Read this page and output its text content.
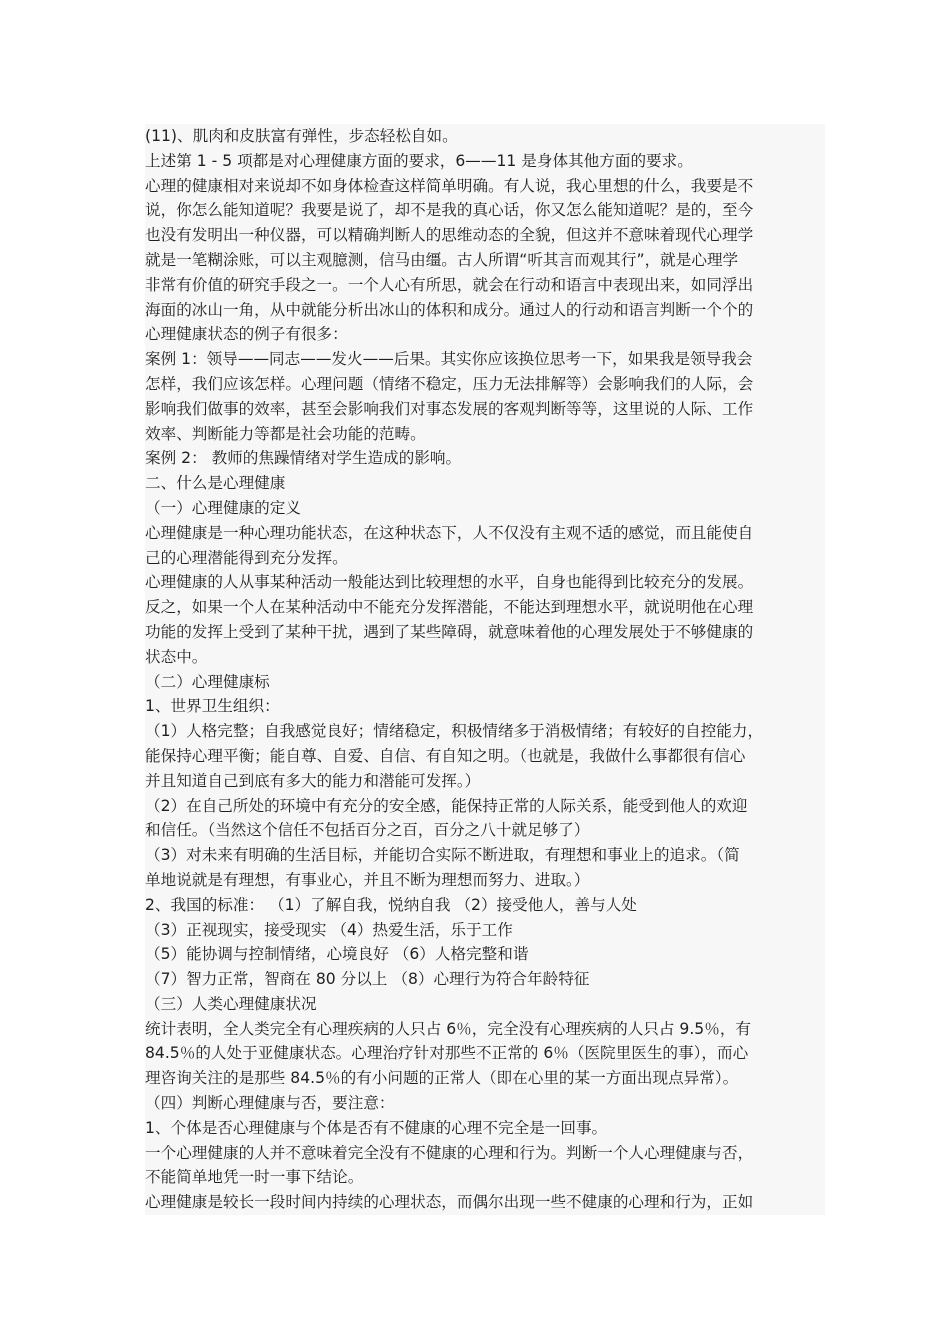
(11)、肌肉和皮肤富有弹性，步态轻松自如。
上述第 1 - 5 项都是对心理健康方面的要求，6——11 是身体其他方面的要求。
心理的健康相对来说却不如身体检查这样简单明确。有人说，我心里想的什么，我要是不
说，你怎么能知道呢？我要是说了，却不是我的真心话，你又怎么能知道呢？是的，至今
也没有发明出一种仪器，可以精确判断人的思维动态的全貌，但这并不意味着现代心理学
就是一笔糊涂账，可以主观臆测，信马由缰。古人所谓“听其言而观其行”，就是心理学
非常有价值的研究手段之一。一个人心有所思，就会在行动和语言中表现出来，如同浮出
海面的冰山一角，从中就能分析出冰山的体积和成分。通过人的行动和语言判断一个个的
心理健康状态的例子有很多：
案例 1：领导——同志——发火——后果。其实你应该换位思考一下，如果我是领导我会
怎样，我们应该怎样。心理问题（情绪不稳定，压力无法排解等）会影响我们的人际，会
影响我们做事的效率，甚至会影响我们对事态发展的客观判断等等，这里说的人际、工作
效率、判断能力等都是社会功能的范畴。
案例 2： 教师的焦躁情绪对学生造成的影响。
二、什么是心理健康
（一）心理健康的定义
心理健康是一种心理功能状态，在这种状态下，人不仅没有主观不适的感觉，而且能使自
己的心理潜能得到充分发挥。
心理健康的人从事某种活动一般能达到比较理想的水平，自身也能得到比较充分的发展。
反之，如果一个人在某种活动中不能充分发挥潜能，不能达到理想水平，就说明他在心理
功能的发挥上受到了某种干扰，遇到了某些障碍，就意味着他的心理发展处于不够健康的
状态中。
（二）心理健康标
1、世界卫生组织：
（1）人格完整；自我感觉良好；情绪稳定，积极情绪多于消极情绪；有较好的自控能力，
能保持心理平衡；能自尊、自爱、自信、有自知之明。（也就是，我做什么事都很有信心
并且知道自己到底有多大的能力和潜能可发挥。）
（2）在自己所处的环境中有充分的安全感，能保持正常的人际关系，能受到他人的欢迎
和信任。（当然这个信任不包括百分之百，百分之八十就足够了）
（3）对未来有明确的生活目标，并能切合实际不断进取，有理想和事业上的追求。（简
单地说就是有理想，有事业心，并且不断为理想而努力、进取。）
2、我国的标准： （1）了解自我，悦纳自我 （2）接受他人，善与人处
（3）正视现实，接受现实 （4）热爱生活，乐于工作
（5）能协调与控制情绪，心境良好 （6）人格完整和谐
（7）智力正常，智商在 80 分以上 （8）心理行为符合年龄特征
（三）人类心理健康状况
统计表明，全人类完全有心理疾病的人只占 6％，完全没有心理疾病的人只占 9.5％，有
84.5％的人处于亚健康状态。心理治疗针对那些不正常的 6％（医院里医生的事），而心
理咨询关注的是那些 84.5％的有小问题的正常人（即在心里的某一方面出现点异常）。
（四）判断心理健康与否，要注意：
1、个体是否心理健康与个体是否有不健康的心理不完全是一回事。
一个心理健康的人并不意味着完全没有不健康的心理和行为。判断一个人心理健康与否，
不能简单地凭一时一事下结论。
心理健康是较长一段时间内持续的心理状态，而偶尔出现一些不健康的心理和行为，正如
